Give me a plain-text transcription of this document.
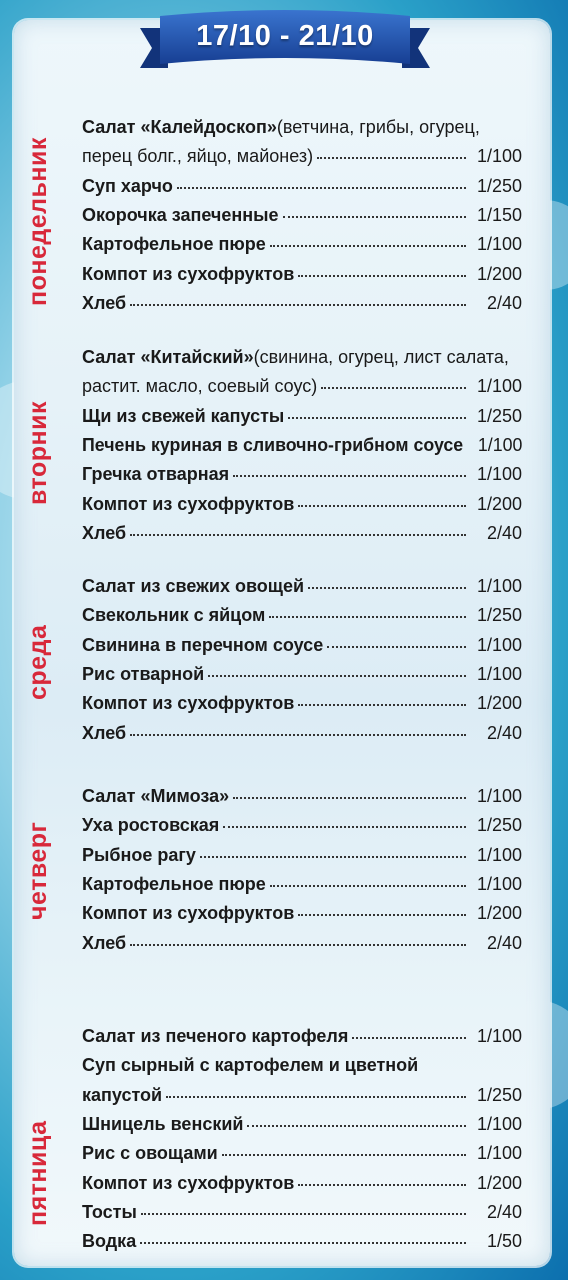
17/10 - 21/10
понедельник
Салат «Калейдоскоп» (ветчина, грибы, огурец,
перец болг., яйцо, майонез)	1/100
Суп харчо	1/250
Окорочка запеченные	1/150
Картофельное пюре	1/100
Компот из сухофруктов	1/200
Хлеб	2/40
вторник
Салат «Китайский» (свинина, огурец, лист салата,
растит. масло, соевый соус)	1/100
Щи из свежей капусты	1/250
Печень куриная в сливочно-грибном соусе 1/100
Гречка отварная	1/100
Компот из сухофруктов	1/200
Хлеб	2/40
среда
Салат из свежих овощей	1/100
Свекольник с яйцом	1/250
Свинина в перечном соусе	1/100
Рис отварной	1/100
Компот из сухофруктов	1/200
Хлеб	2/40
четверг
Салат «Мимоза»	1/100
Уха ростовская	1/250
Рыбное рагу	1/100
Картофельное пюре	1/100
Компот из сухофруктов	1/200
Хлеб	2/40
пятница
Салат из печеного картофеля	1/100
Суп сырный с картофелем и цветной
капустой	1/250
Шницель венский	1/100
Рис с овощами	1/100
Компот из сухофруктов	1/200
Тосты	2/40
Водка	1/50
